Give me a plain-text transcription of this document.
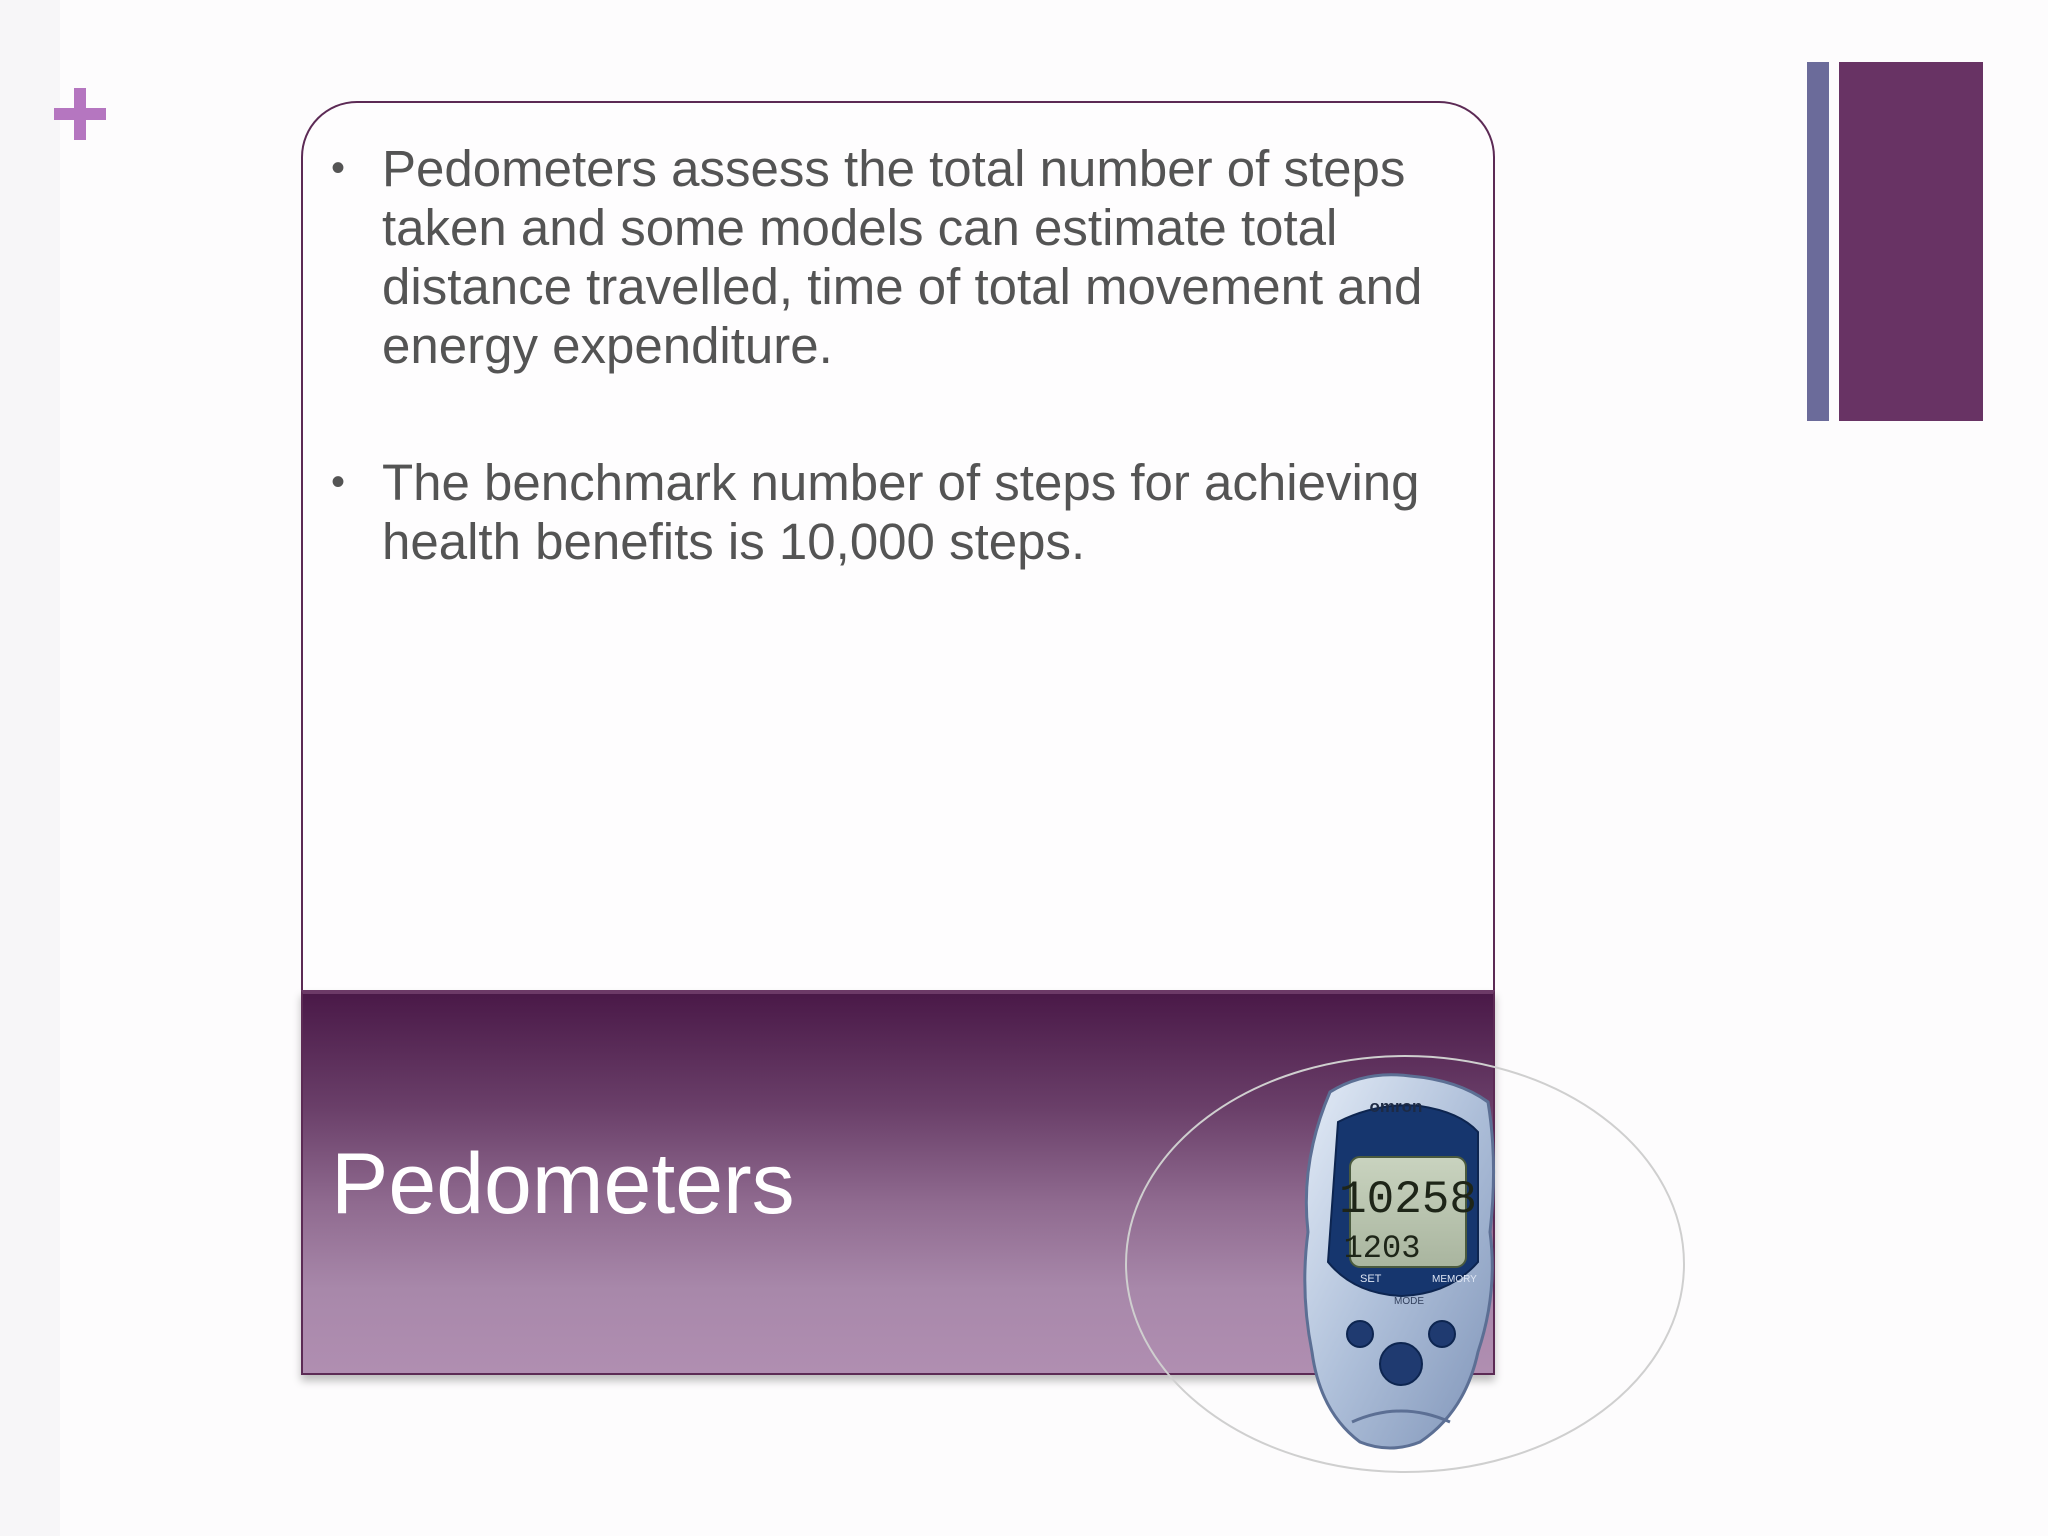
• Pedometers assess the total number of steps taken and some models can estimate total distance travelled, time of total movement and energy expenditure.
• The benchmark number of steps for achieving health benefits is 10,000 steps.
Pedometers
omron
10258
1203
SET	MEMORY
MODE
